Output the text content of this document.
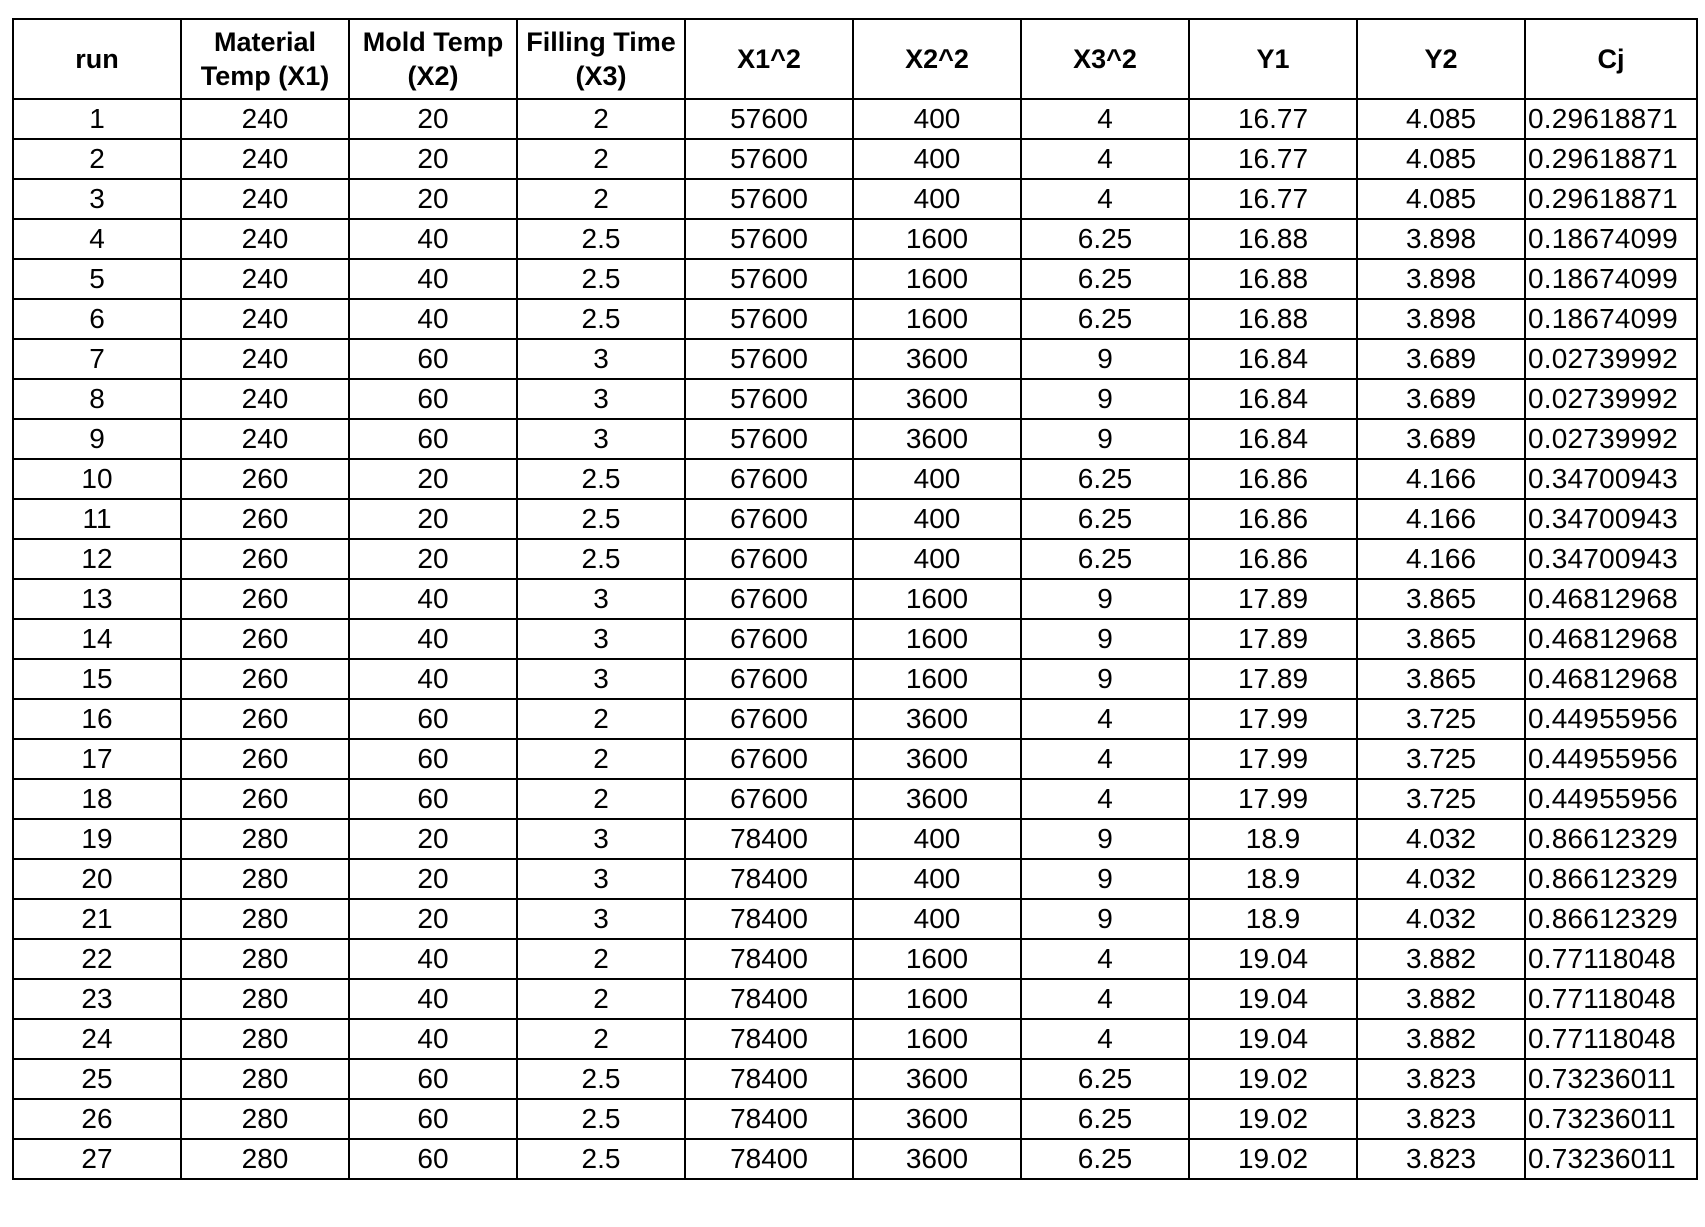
run	Material Temp (X1)	Mold Temp (X2)	Filling Time (X3)	X1^2	X2^2	X3^2	Y1	Y2	Cj
1	240	20	2	57600	400	4	16.77	4.085	0.29618871
2	240	20	2	57600	400	4	16.77	4.085	0.29618871
3	240	20	2	57600	400	4	16.77	4.085	0.29618871
4	240	40	2.5	57600	1600	6.25	16.88	3.898	0.18674099
5	240	40	2.5	57600	1600	6.25	16.88	3.898	0.18674099
6	240	40	2.5	57600	1600	6.25	16.88	3.898	0.18674099
7	240	60	3	57600	3600	9	16.84	3.689	0.02739992
8	240	60	3	57600	3600	9	16.84	3.689	0.02739992
9	240	60	3	57600	3600	9	16.84	3.689	0.02739992
10	260	20	2.5	67600	400	6.25	16.86	4.166	0.34700943
11	260	20	2.5	67600	400	6.25	16.86	4.166	0.34700943
12	260	20	2.5	67600	400	6.25	16.86	4.166	0.34700943
13	260	40	3	67600	1600	9	17.89	3.865	0.46812968
14	260	40	3	67600	1600	9	17.89	3.865	0.46812968
15	260	40	3	67600	1600	9	17.89	3.865	0.46812968
16	260	60	2	67600	3600	4	17.99	3.725	0.44955956
17	260	60	2	67600	3600	4	17.99	3.725	0.44955956
18	260	60	2	67600	3600	4	17.99	3.725	0.44955956
19	280	20	3	78400	400	9	18.9	4.032	0.86612329
20	280	20	3	78400	400	9	18.9	4.032	0.86612329
21	280	20	3	78400	400	9	18.9	4.032	0.86612329
22	280	40	2	78400	1600	4	19.04	3.882	0.77118048
23	280	40	2	78400	1600	4	19.04	3.882	0.77118048
24	280	40	2	78400	1600	4	19.04	3.882	0.77118048
25	280	60	2.5	78400	3600	6.25	19.02	3.823	0.73236011
26	280	60	2.5	78400	3600	6.25	19.02	3.823	0.73236011
27	280	60	2.5	78400	3600	6.25	19.02	3.823	0.73236011
